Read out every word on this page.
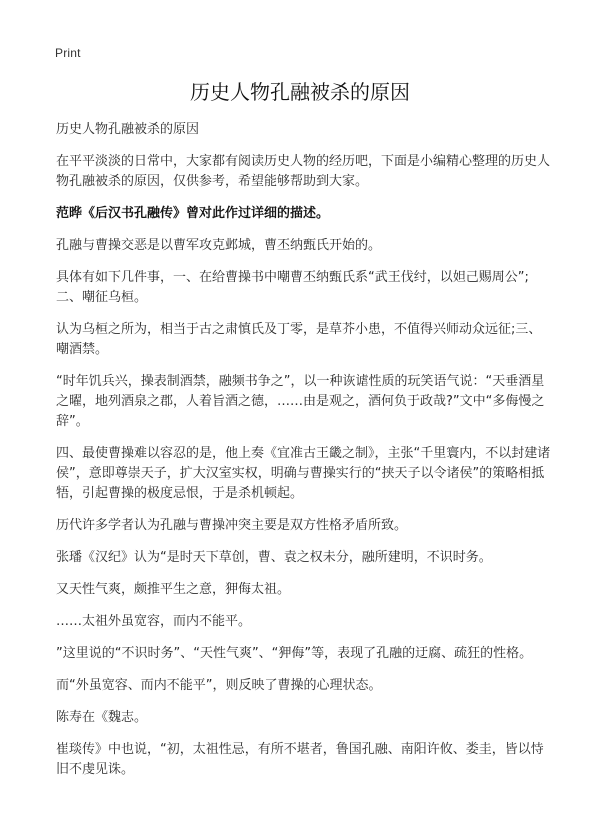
Print
历史人物孔融被杀的原因

历史人物孔融被杀的原因

在平平淡淡的日常中，大家都有阅读历史人物的经历吧，下面是小编精心整理的历史人物孔融被杀的原因，仅供参考，希望能够帮助到大家。

范晔《后汉书孔融传》曾对此作过详细的描述。

孔融与曹操交恶是以曹军攻克邺城，曹丕纳甄氏开始的。

具体有如下几件事，一、在给曹操书中嘲曹丕纳甄氏系“武王伐纣，以妲己赐周公”;二、嘲征乌桓。

认为乌桓之所为，相当于古之肃慎氏及丁零，是草芥小患，不值得兴师动众远征;三、嘲酒禁。

“时年饥兵兴，操表制酒禁，融频书争之”，以一种诙谑性质的玩笑语气说：“天垂酒星之曜，地列酒泉之郡，人着旨酒之德，……由是观之，酒何负于政哉?”文中“多侮慢之辞”。

四、最使曹操难以容忍的是，他上奏《宜准古王畿之制》，主张“千里寰内，不以封建诸侯”，意即尊崇天子，扩大汉室实权，明确与曹操实行的“挟天子以令诸侯”的策略相抵牾，引起曹操的极度忌恨，于是杀机顿起。

历代许多学者认为孔融与曹操冲突主要是双方性格矛盾所致。

张璠《汉纪》认为“是时天下草创，曹、袁之权未分，融所建明，不识时务。

又天性气爽，颇推平生之意，狎侮太祖。

……太祖外虽宽容，而内不能平。

”这里说的“不识时务”、“天性气爽”、“狎侮”等，表现了孔融的迂腐、疏狂的性格。

而“外虽宽容、而内不能平”，则反映了曹操的心理状态。

陈寿在《魏志。

崔琰传》中也说，“初，太祖性忌，有所不堪者，鲁国孔融、南阳许攸、娄圭，皆以恃旧不虔见诛。
